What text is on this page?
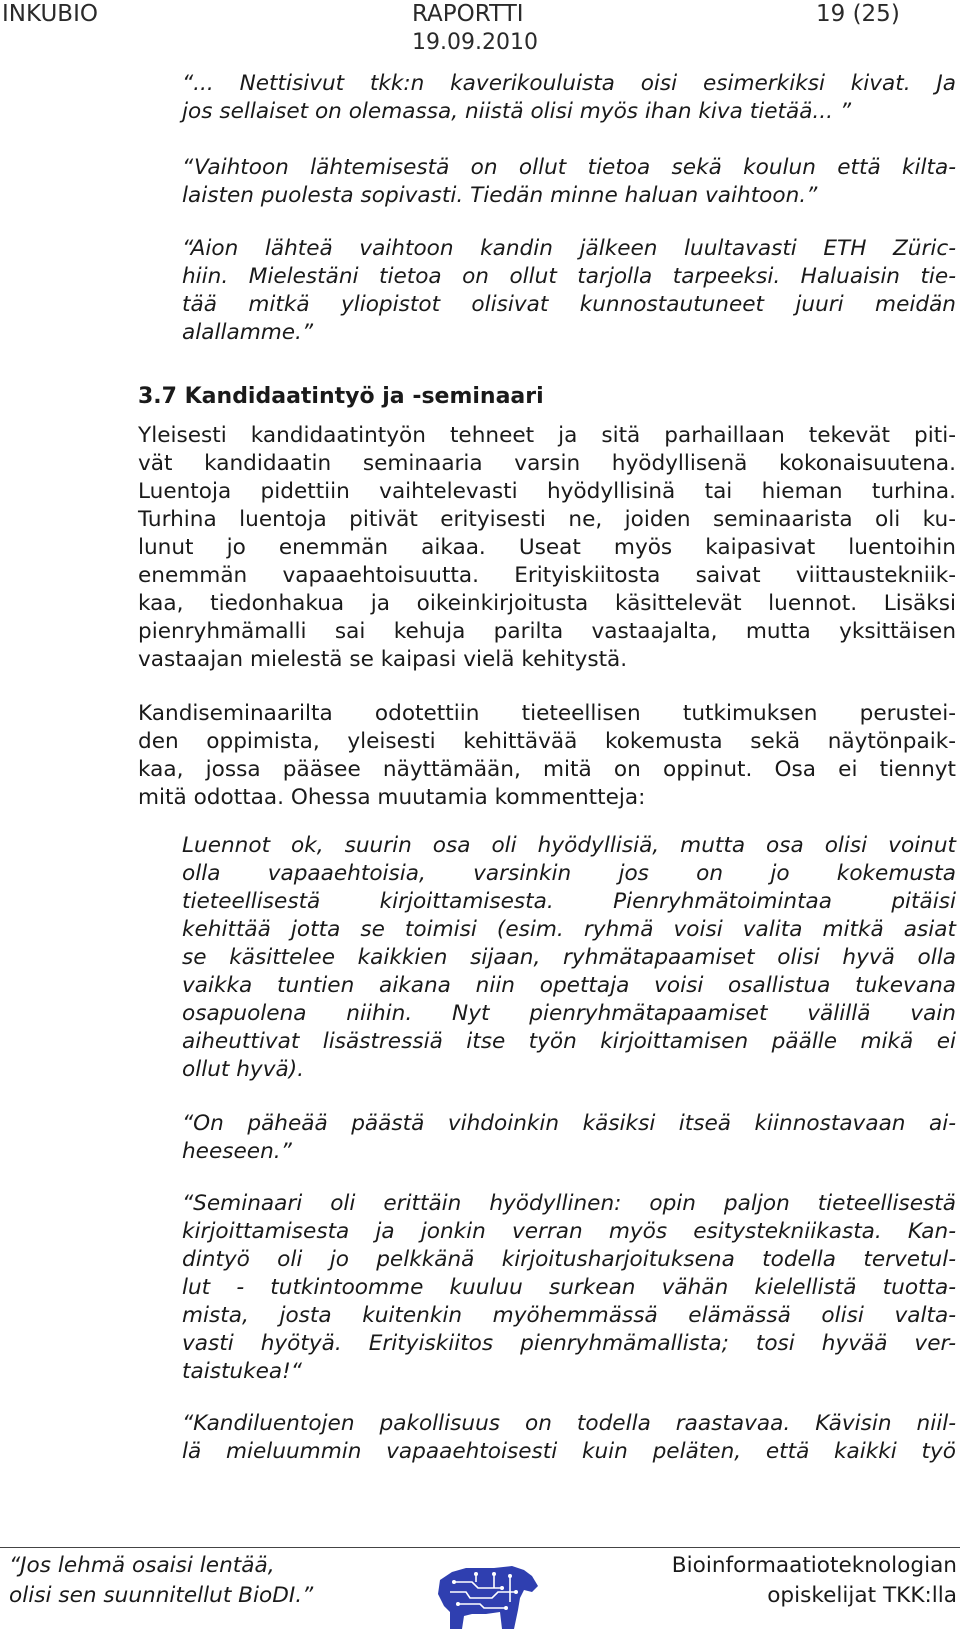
INKUBIO	RAPORTTI
19.09.2010
19 (25)
“... Nettisivut tkk:n kaverikouluista oisi esimerkiksi kivat. Ja
jos sellaiset on olemassa, niistä olisi myös ihan kiva tietää... ”
“Vaihtoon lähtemisestä on ollut tietoa sekä koulun että kilta-
laisten puolesta sopivasti. Tiedän minne haluan vaihtoon.”
“Aion lähteä vaihtoon kandin jälkeen luultavasti ETH Züric-
hiin. Mielestäni tietoa on ollut tarjolla tarpeeksi. Haluaisin tie-
tää mitkä yliopistot olisivat kunnostautuneet juuri meidän
alallamme.”
3.7 Kandidaatintyö ja -seminaari
Yleisesti kandidaatintyön tehneet ja sitä parhaillaan tekevät piti-
vät kandidaatin seminaaria varsin hyödyllisenä kokonaisuutena.
Luentoja pidettiin vaihtelevasti hyödyllisinä tai hieman turhina.
Turhina luentoja pitivät erityisesti ne, joiden seminaarista oli ku-
lunut jo enemmän aikaa. Useat myös kaipasivat luentoihin
enemmän vapaaehtoisuutta. Erityiskiitosta saivat viittaustekniik-
kaa, tiedonhakua ja oikeinkirjoitusta käsittelevät luennot. Lisäksi
pienryhmämalli sai kehuja parilta vastaajalta, mutta yksittäisen
vastaajan mielestä se kaipasi vielä kehitystä.
Kandiseminaarilta odotettiin tieteellisen tutkimuksen perustei-
den oppimista, yleisesti kehittävää kokemusta sekä näytönpaik-
kaa, jossa pääsee näyttämään, mitä on oppinut. Osa ei tiennyt
mitä odottaa. Ohessa muutamia kommentteja:
Luennot ok, suurin osa oli hyödyllisiä, mutta osa olisi voinut
olla vapaaehtoisia, varsinkin jos on jo kokemusta
tieteellisestä kirjoittamisesta. Pienryhmätoimintaa pitäisi
kehittää jotta se toimisi (esim. ryhmä voisi valita mitkä asiat
se käsittelee kaikkien sijaan, ryhmätapaamiset olisi hyvä olla
vaikka tuntien aikana niin opettaja voisi osallistua tukevana
osapuolena niihin. Nyt pienryhmätapaamiset välillä vain
aiheuttivat lisästressiä itse työn kirjoittamisen päälle mikä ei
ollut hyvä).
“On päheää päästä vihdoinkin käsiksi itseä kiinnostavaan ai-
heeseen.”
“Seminaari oli erittäin hyödyllinen: opin paljon tieteellisestä
kirjoittamisesta ja jonkin verran myös esitystekniikasta. Kan-
dintyö oli jo pelkkänä kirjoitusharjoituksena todella tervetul-
lut - tutkintoomme kuuluu surkean vähän kielellistä tuotta-
mista, josta kuitenkin myöhemmässä elämässä olisi valta-
vasti hyötyä. Erityiskiitos pienryhmämallista; tosi hyvää ver-
taistukea!“
“Kandiluentojen pakollisuus on todella raastavaa. Kävisin niil-
lä mieluummin vapaaehtoisesti kuin peläten, että kaikki työ
“Jos lehmä osaisi lentää,
olisi sen suunnitellut BioDI.”
Bioinformaatioteknologian
opiskelijat TKK:lla
